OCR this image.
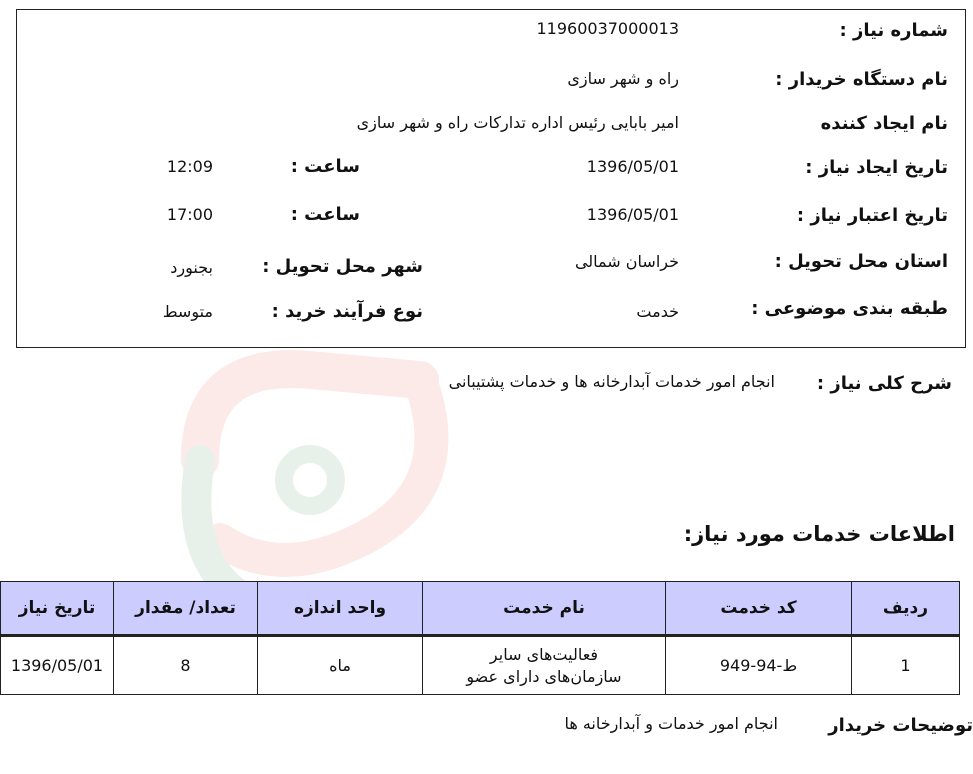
شماره نیاز :
11960037000013
نام دستگاه خریدار :
راه و شهر سازی
نام ایجاد کننده
امیر بابایی رئیس اداره تدارکات راه و شهر سازی
تاریخ ایجاد نیاز :
1396/05/01
ساعت :
12:09
تاریخ اعتبار نیاز :
1396/05/01
ساعت :
17:00
استان محل تحویل :
خراسان شمالی
شهر محل تحویل :
بجنورد
طبقه بندی موضوعی :
خدمت
نوع فرآیند خرید :
متوسط
شرح کلی نیاز :
انجام امور خدمات آبدارخانه ها و خدمات پشتیبانی
اطلاعات خدمات مورد نیاز:
ردیف	کد خدمت	نام خدمت	واحد اندازه	تعداد/ مقدار	تاریخ نیاز
1	ط-94-949	فعالیت‌های سایر
سازمان‌های دارای عضو	ماه	8	1396/05/01
توضیحات خریدار
انجام امور خدمات و آبدارخانه ها
